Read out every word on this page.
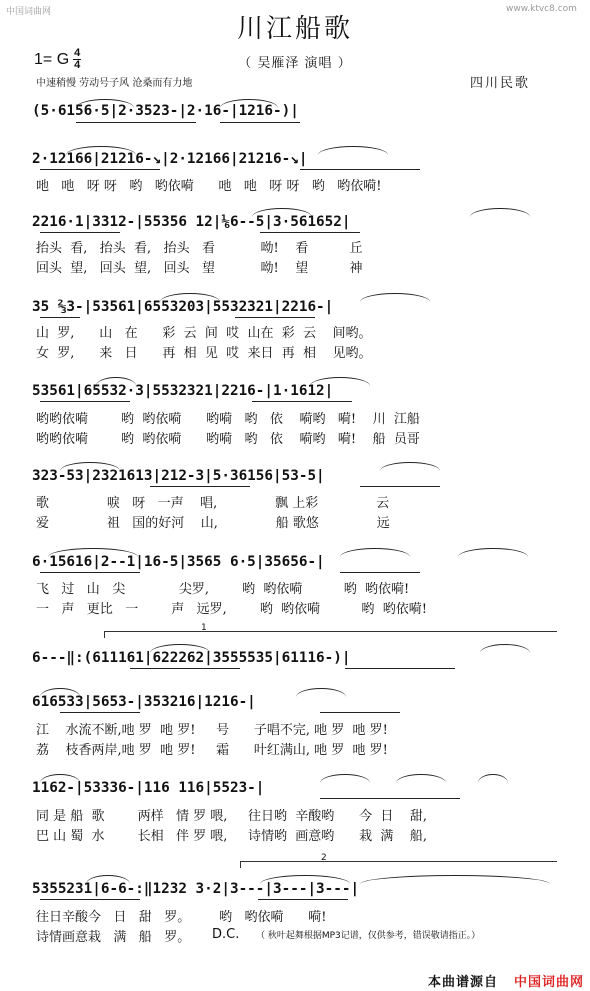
中国词曲网	www.ktvc8.com
川江船歌
1= G $\frac{4}{4}$	（ 吴雁泽 演唱 ）
四川民歌
中速稍慢 劳动号子风 沧桑而有力地
(5·6156·5|2·3523-|2·16-|1216-)|
2·12166|21216-↘|2·12166|21216-↘|
吔   吔   呀 呀   哟   哟依嗬      吔   吔   呀 呀   哟   哟依嗬!
2216·1|3312-|55356 12|⅙6--5|3·561652|
抬头  看,   抬头  看,   抬头   看           呦!    看          丘
回头  望,   回头  望,   回头   望           呦!    望          神
35 ⅔3-|53561|6553203|5532321|2216-|
山  罗,      山   在      彩  云  间  哎  山在  彩  云    间哟。
女  罗,      来   日      再  相  见  哎  来日  再  相    见哟。
53561|65532·3|5532321|2216-|1·1612|
哟哟依嗬        哟  哟依嗬      哟嗬   哟   依    嗬哟   嗬!    川  江船
哟哟依嗬        哟  哟依嗬      哟嗬   哟   依    嗬哟   嗬!    船  员哥
323-53|2321613|212-3|5·36156|53-5|
歌              唳   呀   一声    唱,              飘 上彩              云
爱              祖   国的好河    山,              船 歌悠              远
6·15616|2--1|16-5|3565 6·5|35656-|
飞   过   山   尖             尖罗,        哟  哟依嗬          哟  哟依嗬!
一   声   更比   一        声   远罗,        哟  哟依嗬          哟  哟依嗬!
1
6---‖:(611161|622262|3555535|61116-)|
616533|5653-|353216|1216-|
江    水流不断,吔 罗  吔 罗!     号      子唱不完, 吔 罗  吔 罗!
荔    枝香两岸,吔 罗  吔 罗!     霜      叶红满山, 吔 罗  吔 罗!
1162-|53336-|116 116|5523-|
同 是 船  歌        两样   情 罗 喂,     往日哟  辛酸哟      今  日    甜,
巴 山 蜀  水        长相   伴 罗 喂,     诗情哟  画意哟      栽  满    船,
2
5355231|6-6-:‖1232 3·2|3---|3---|3---|
往日辛酸今   日   甜   罗。       哟   哟依嗬      嗬!
诗情画意栽   满   船   罗。	D.C. （ 秋叶起舞根据MP3记谱，仅供参考，错误敬请指正。）
本曲谱源自 中国词曲网
